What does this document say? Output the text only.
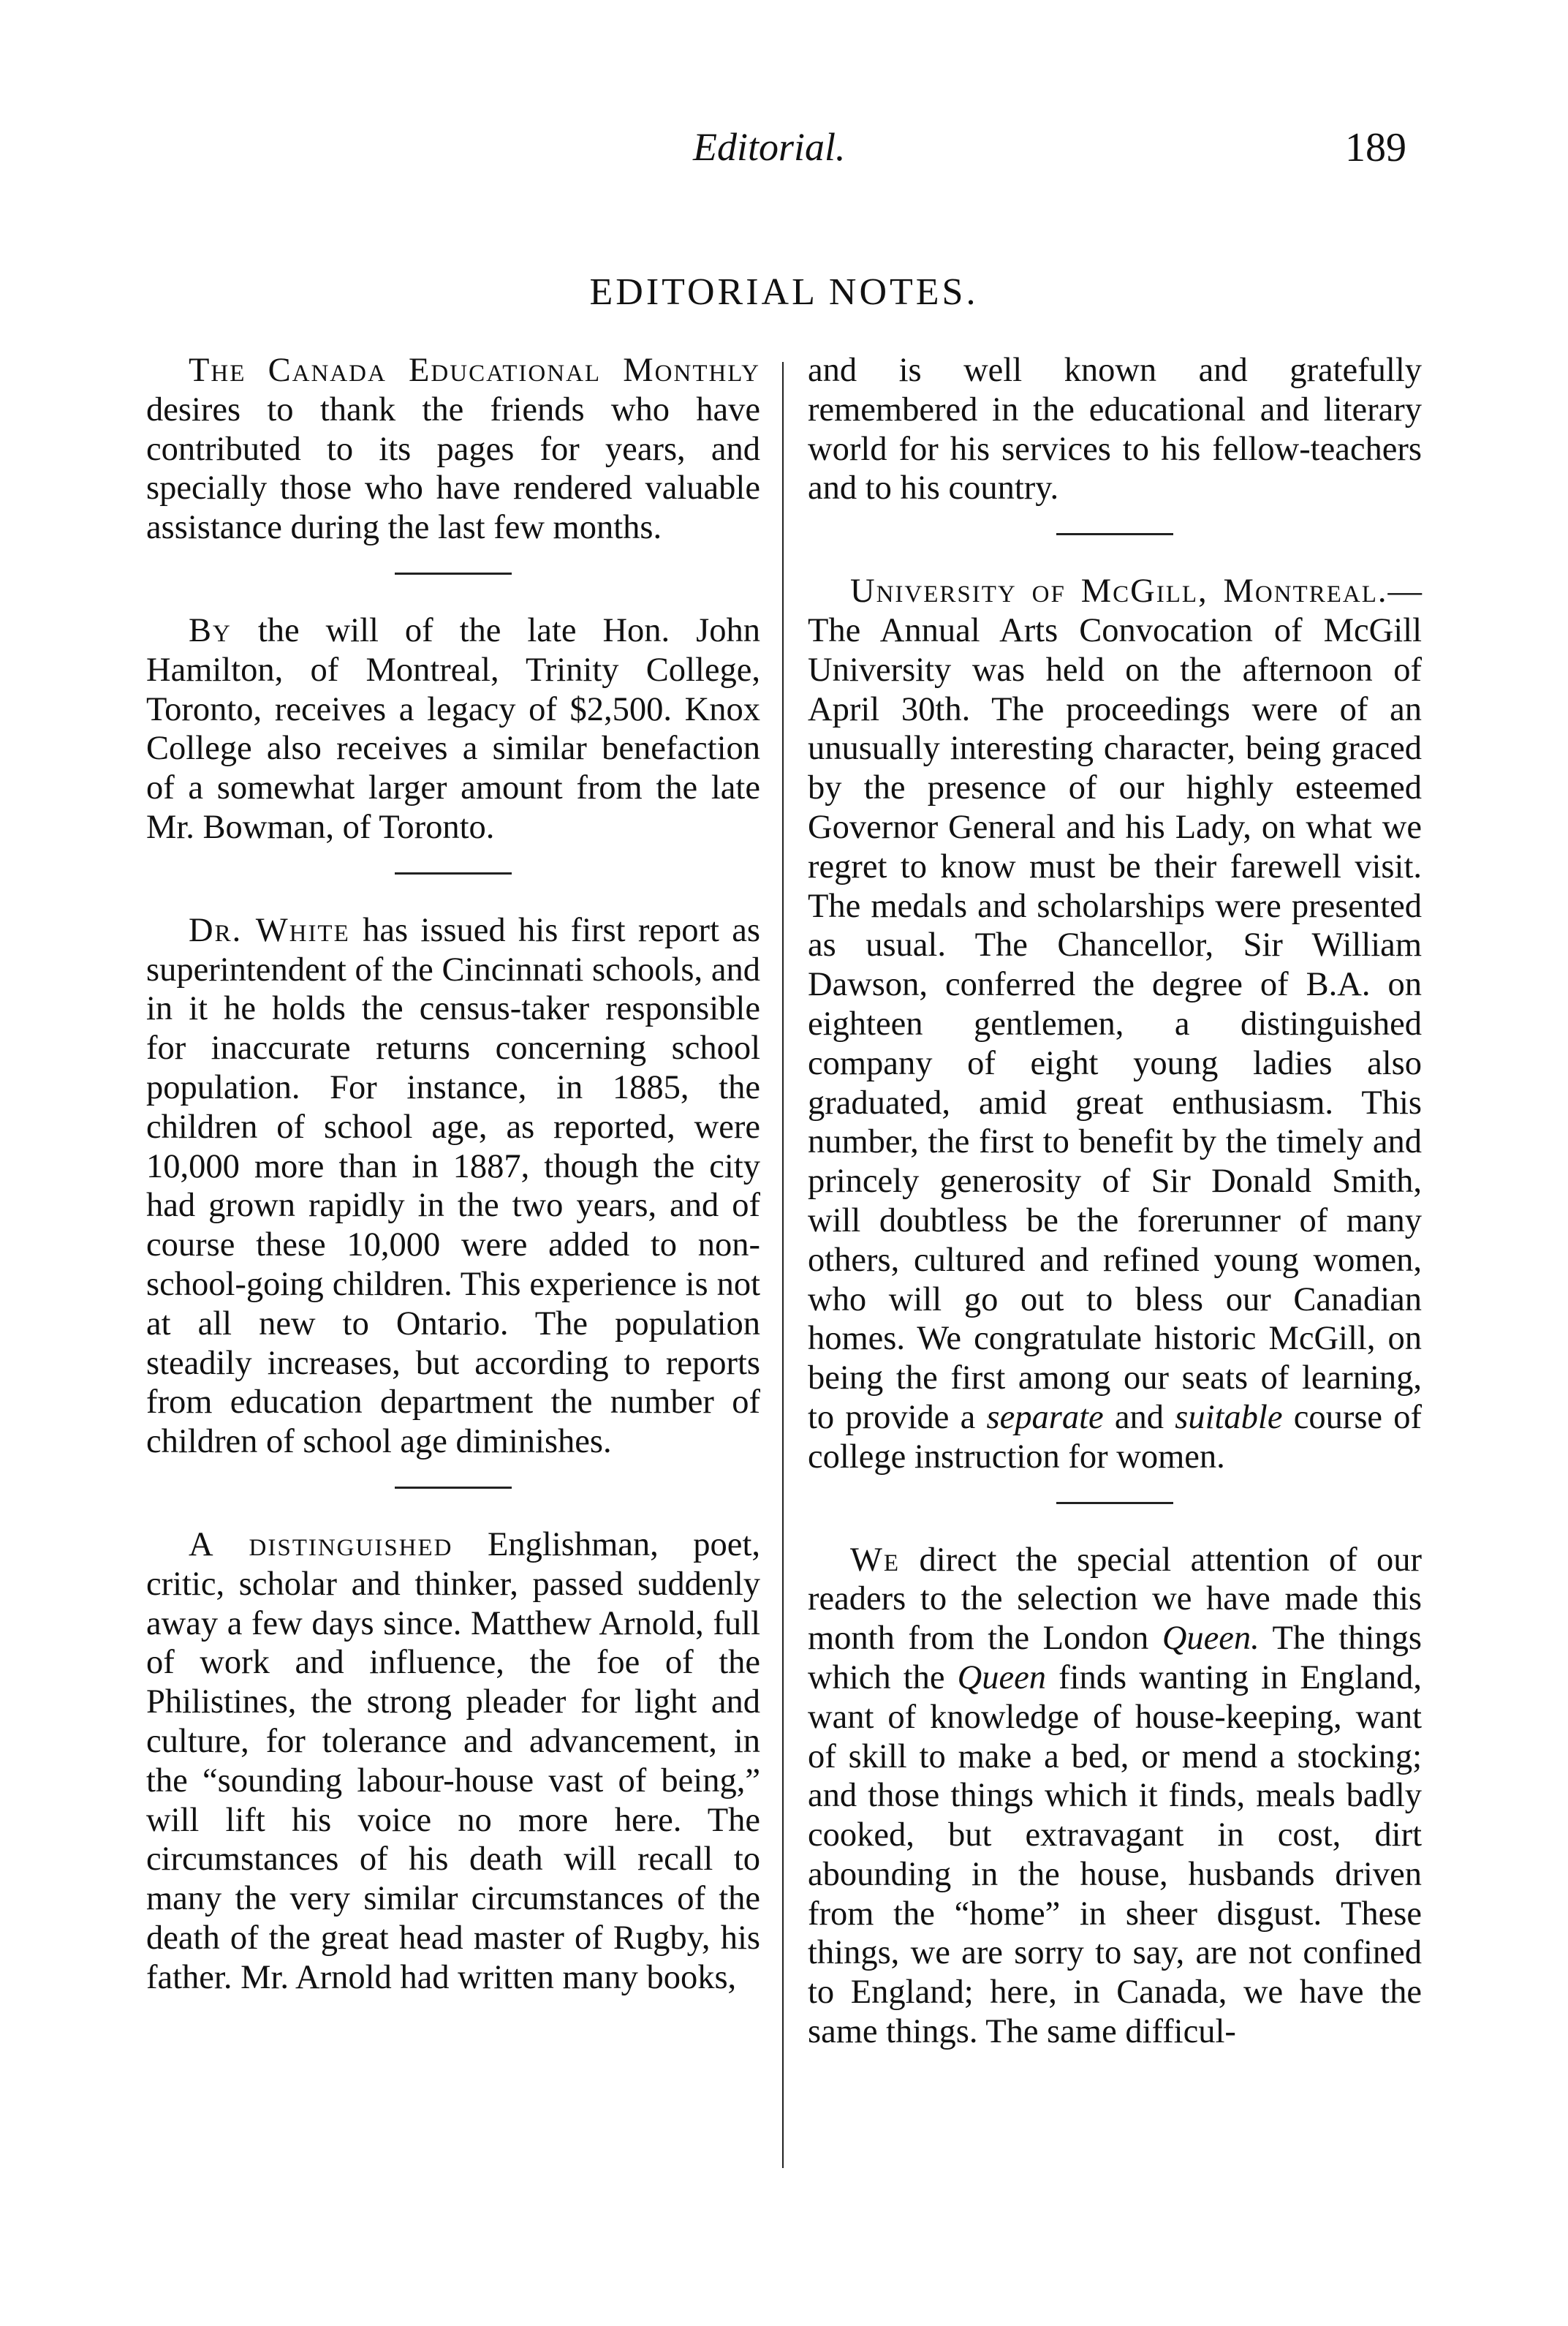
Editorial.	189
EDITORIAL NOTES.

The Canada Educational Monthly desires to thank the friends who have contributed to its pages for years, and specially those who have rendered valuable assistance during the last few months.

By the will of the late Hon. John Hamilton, of Montreal, Trinity College, Toronto, receives a legacy of $2,500. Knox College also receives a similar benefaction of a somewhat larger amount from the late Mr. Bowman, of Toronto.

Dr. White has issued his first report as superintendent of the Cincinnati schools, and in it he holds the census-taker responsible for inaccurate returns concerning school population. For instance, in 1885, the children of school age, as reported, were 10,000 more than in 1887, though the city had grown rapidly in the two years, and of course these 10,000 were added to non-school-going children. This experience is not at all new to Ontario. The population steadily increases, but according to reports from education department the number of children of school age diminishes.

A distinguished Englishman, poet, critic, scholar and thinker, passed suddenly away a few days since. Matthew Arnold, full of work and influence, the foe of the Philistines, the strong pleader for light and culture, for tolerance and advancement, in the “sounding labour-house vast of being,” will lift his voice no more here. The circumstances of his death will recall to many the very similar circumstances of the death of the great head master of Rugby, his father. Mr. Arnold had written many books,

and is well known and gratefully remembered in the educational and literary world for his services to his fellow-teachers and to his country.

University of McGill, Montreal.—The Annual Arts Convocation of McGill University was held on the afternoon of April 30th. The proceedings were of an unusually interesting character, being graced by the presence of our highly esteemed Governor General and his Lady, on what we regret to know must be their farewell visit. The medals and scholarships were presented as usual. The Chancellor, Sir William Dawson, conferred the degree of B.A. on eighteen gentlemen, a distinguished company of eight young ladies also graduated, amid great enthusiasm. This number, the first to benefit by the timely and princely generosity of Sir Donald Smith, will doubtless be the forerunner of many others, cultured and refined young women, who will go out to bless our Canadian homes. We congratulate historic McGill, on being the first among our seats of learning, to provide a separate and suitable course of college instruction for women.

We direct the special attention of our readers to the selection we have made this month from the London Queen. The things which the Queen finds wanting in England, want of knowledge of house-keeping, want of skill to make a bed, or mend a stocking; and those things which it finds, meals badly cooked, but extravagant in cost, dirt abounding in the house, husbands driven from the “home” in sheer disgust. These things, we are sorry to say, are not confined to England; here, in Canada, we have the same things. The same difficul-
